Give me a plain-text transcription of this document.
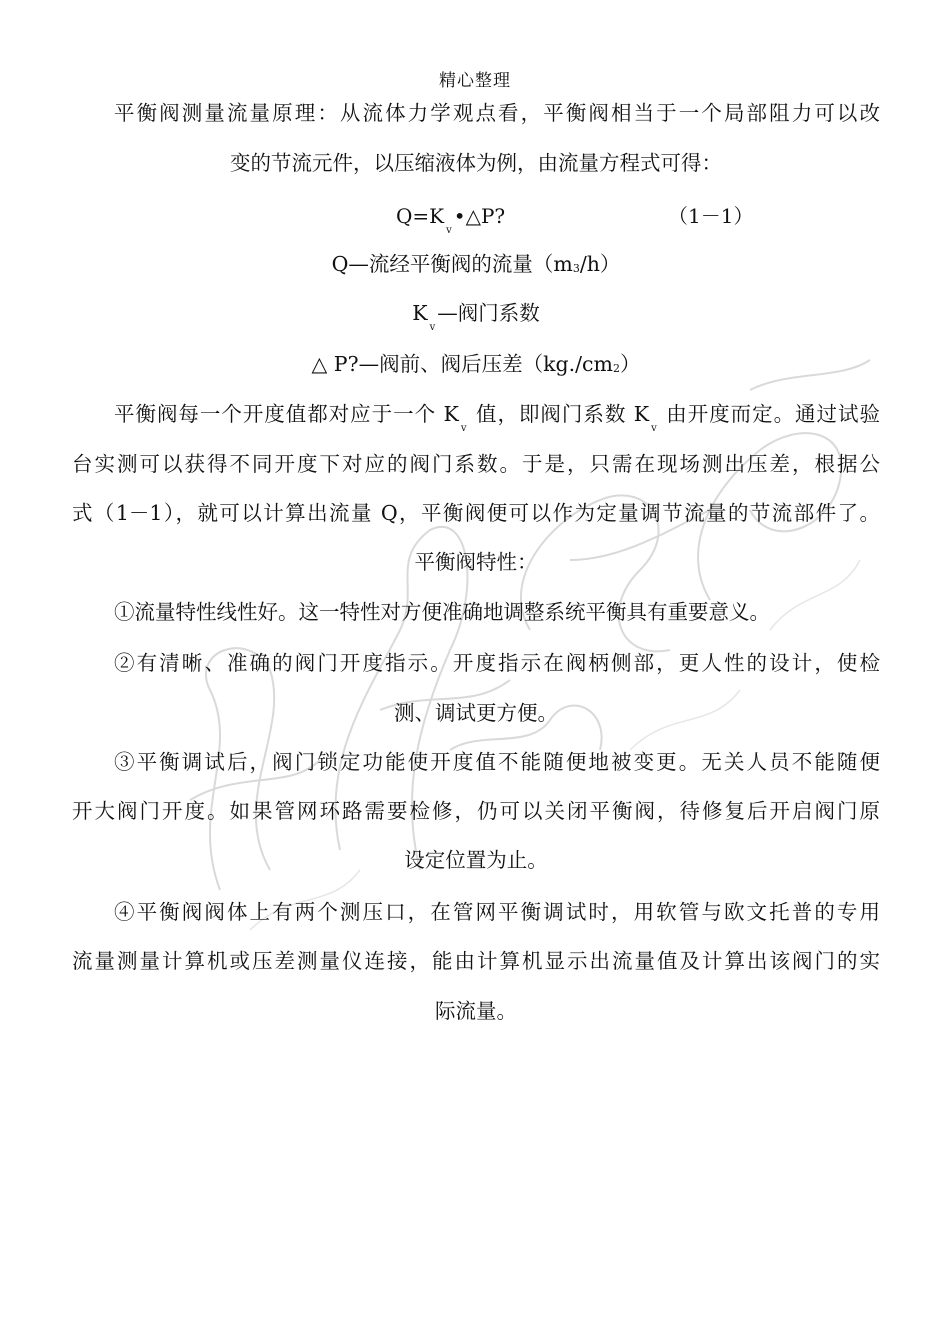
精心整理
平衡阀测量流量原理：从流体力学观点看，平衡阀相当于一个局部阻力可以改
变的节流元件，以压缩液体为例，由流量方程式可得：
$Q=K_v•\triangle P$?	（1－1）
Q—流经平衡阀的流量（m3/h）
$K_v—$阀门系数
△ P?—阀前、阀后压差（kg./cm2）
平衡阀每一个开度值都对应于一个 $K_v$ 值，即阀门系数 $K_v$ 由开度而定。通过试验
台实测可以获得不同开度下对应的阀门系数。于是，只需在现场测出压差，根据公
式（1－1），就可以计算出流量 Q，平衡阀便可以作为定量调节流量的节流部件了。
平衡阀特性：
①流量特性线性好。这一特性对方便准确地调整系统平衡具有重要意义。
②有清晰、准确的阀门开度指示。开度指示在阀柄侧部，更人性的设计，使检
测、调试更方便。
③平衡调试后，阀门锁定功能使开度值不能随便地被变更。无关人员不能随便
开大阀门开度。如果管网环路需要检修，仍可以关闭平衡阀，待修复后开启阀门原
设定位置为止。
④平衡阀阀体上有两个测压口，在管网平衡调试时，用软管与欧文托普的专用
流量测量计算机或压差测量仪连接，能由计算机显示出流量值及计算出该阀门的实
际流量。
